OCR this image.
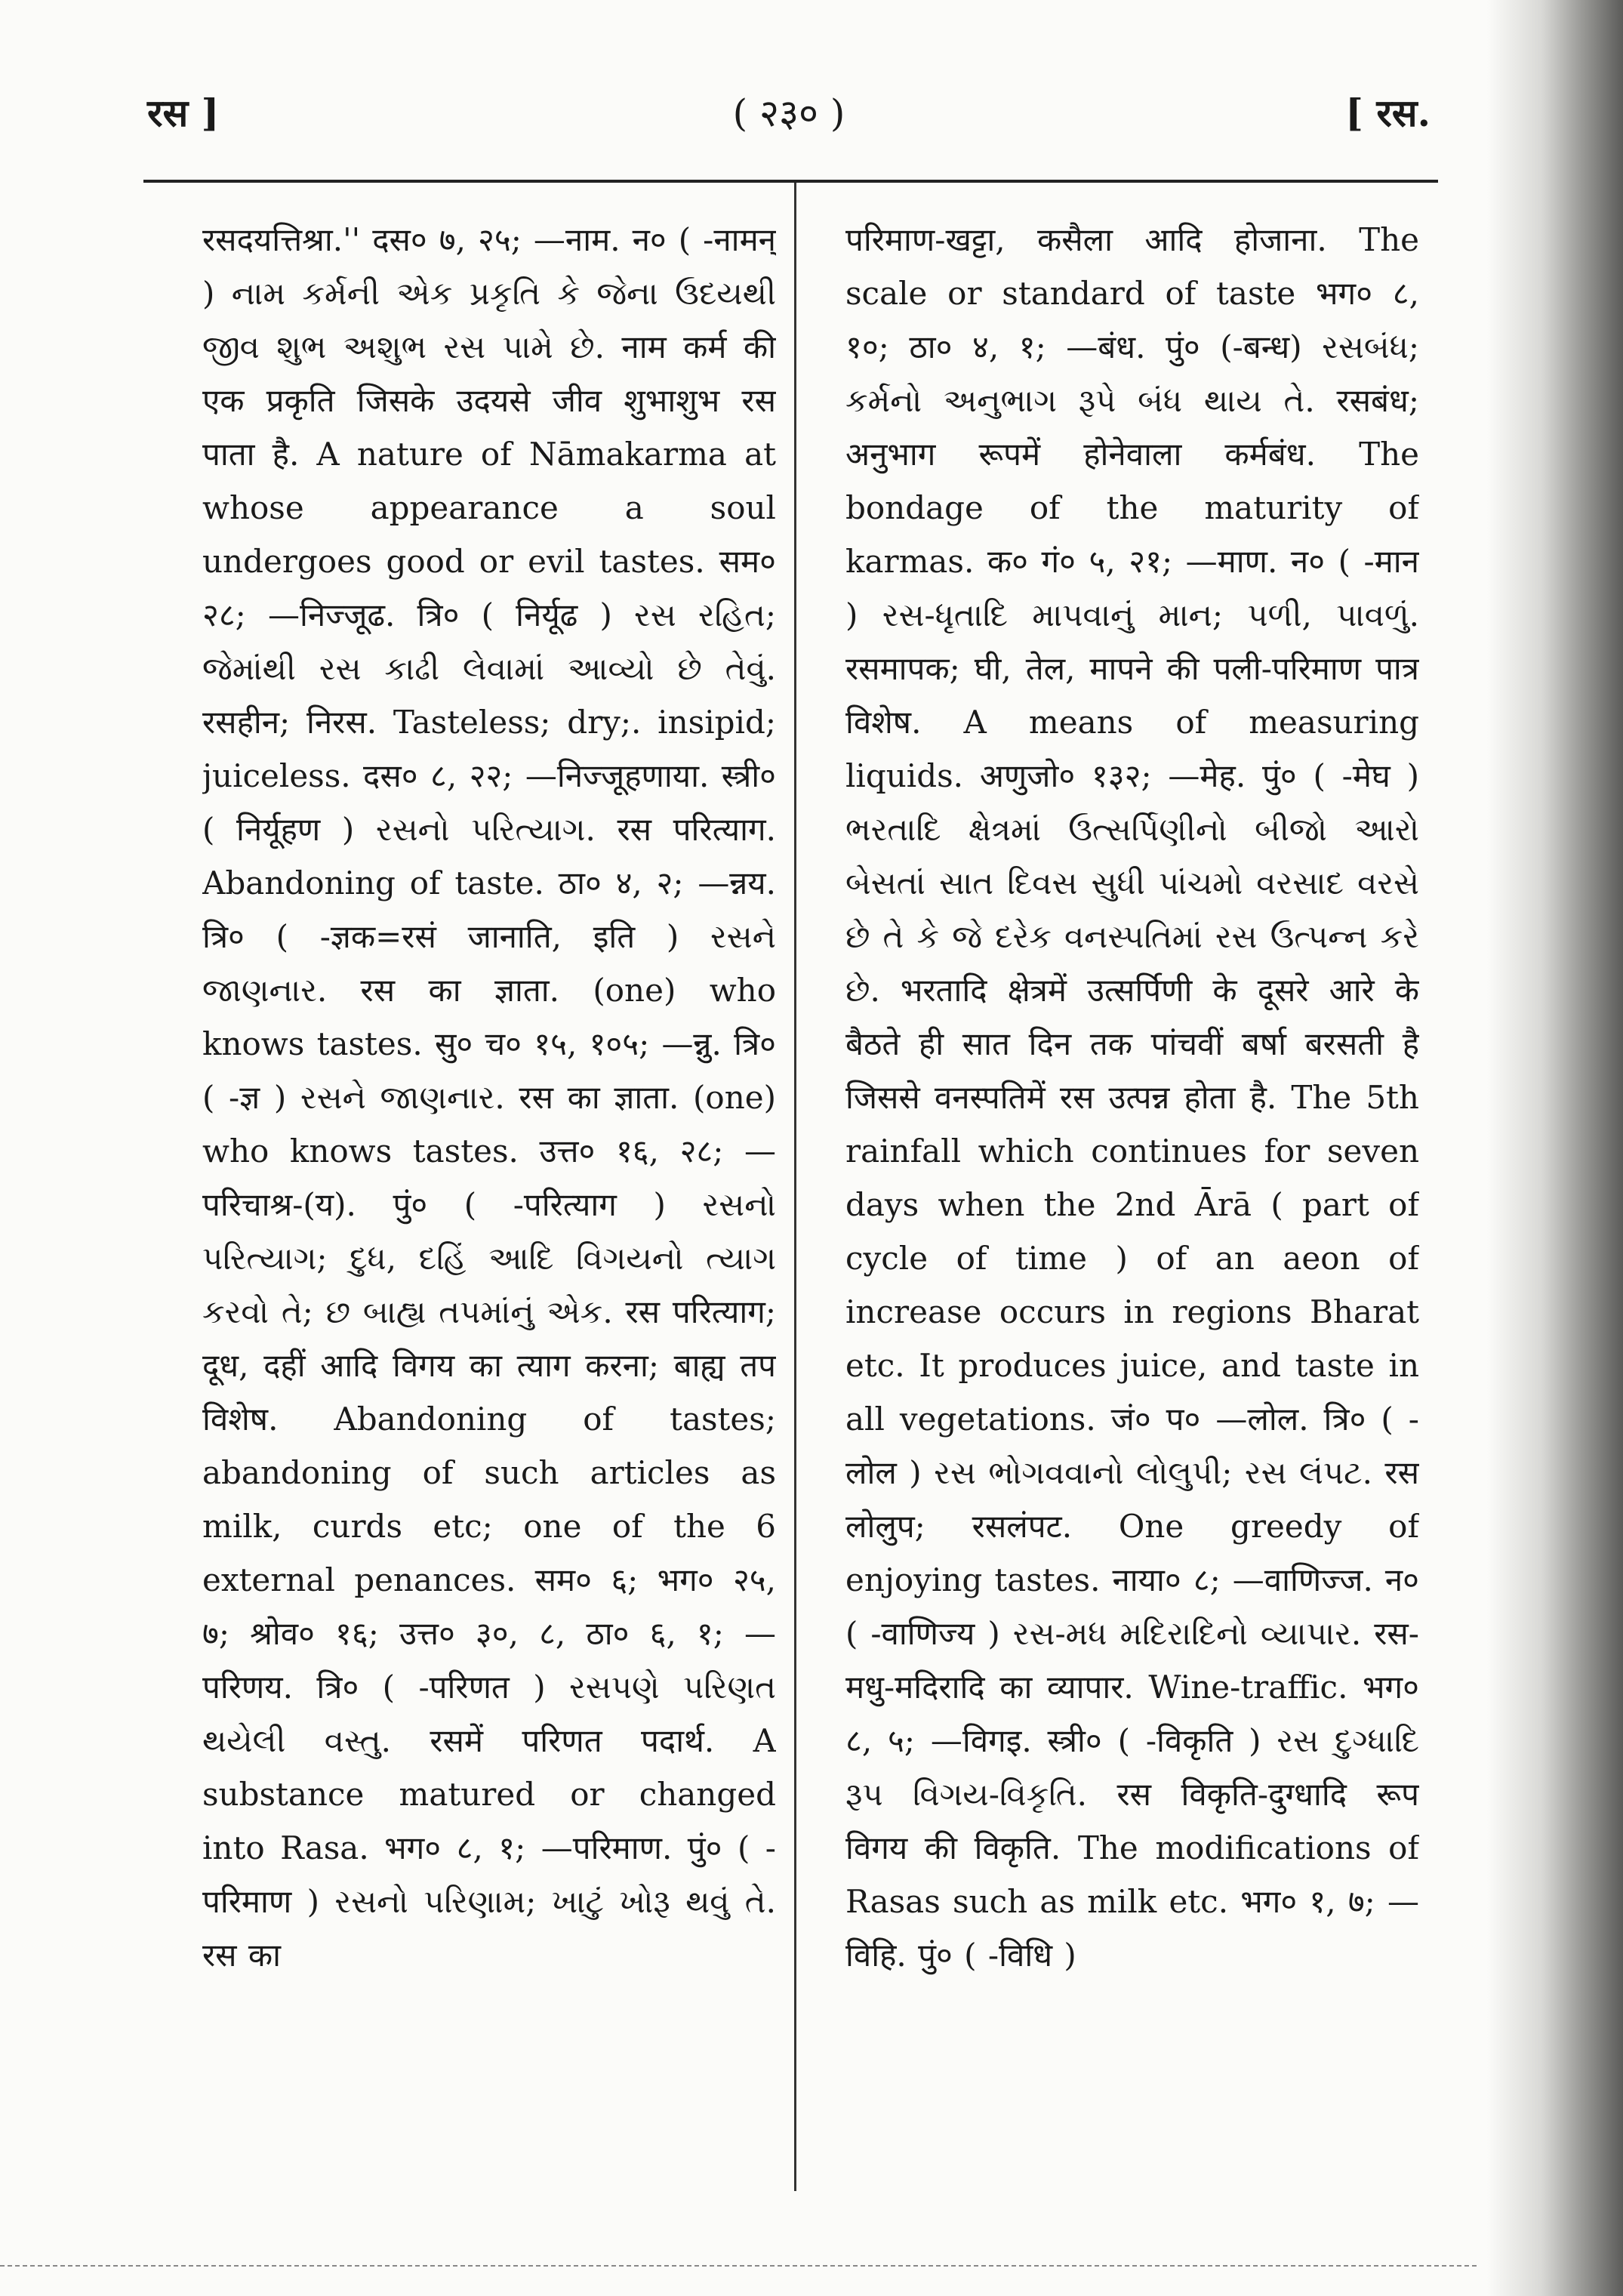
रस ]	( २३० )	[ रस.

रसदयत्तिश्रा.'' दस० ७, २५; —नाम. न० ( -नामन् ) નામ કર્મની એક પ્રકૃતિ કે જેના ઉદયથી જીવ શુભ અશુભ રસ પામે છે. नाम कर्म की एक प्रकृति जिसके उदयसे जीव शुभाशुभ रस पाता है. A nature of Nāmakarma at whose appearance a soul undergoes good or evil tastes. सम० २८; —निज्जूढ. त्रि० ( निर्यूढ ) રસ રહિત; જેમાંથી રસ કાઢી લેવામાં આવ્યો છે તેવું. रसहीन; निरस. Tasteless; dry;. insipid; juiceless. दस० ८, २२; —निज्जूहणाया. स्त्री० ( निर्यूहण ) રસનો પરિત્યાગ. रस परित्याग. Abandoning of taste. ठा० ४, २; —न्नय. त्रि० ( -ज्ञक=रसं जानाति, इति ) રસને જાણનાર. रस का ज्ञाता. (one) who knows tastes. सु० च० १५, १०५; —न्नु. त्रि० ( -ज्ञ ) રસને જાણનાર. रस का ज्ञाता. (one) who knows tastes. उत्त० १६, २८; —परिचाश्र-(य). पुं० ( -परित्याग ) રસનો પરિત્યાગ; દુધ, દહિં આદિ વિગયનો ત્યાગ કરવો તે; છ બાહ્ય તપમાંનું એક. रस परित्याग; दूध, दहीं आदि विगय का त्याग करना; बाह्य तप विशेष. Abandoning of tastes; abandoning of such articles as milk, curds etc; one of the 6 external penances. सम० ६; भग० २५, ७; श्रोव० १६; उत्त० ३०, ८, ठा० ६, १; —परिणय. त्रि० ( -परिणत ) રસપણે પરિણત થયેલી વસ્તુ. रसमें परिणत पदार्थ. A substance matured or changed into Rasa. भग० ८, १; —परिमाण. पुं० ( -परिमाण ) રસનો પરિણામ; ખાટું ખોરૂ થવું તે. रस का

परिमाण-खट्टा, कसैला आदि होजाना. The scale or standard of taste भग० ८, १०; ठा० ४, १; —बंध. पुं० (-बन्ध) રસબંધ; કર્મનો અનુભાગ રૂપે બંધ થાય તે. रसबंध; अनुभाग रूपमें होनेवाला कर्मबंध. The bondage of the maturity of karmas. क० गं० ५, २१; —माण. न० ( -मान ) રસ-ધૃતાદિ માપવાનું માન; પળી, પાવળું. रसमापक; घी, तेल, मापने की पली-परिमाण पात्र विशेष. A means of measuring liquids. अणुजो० १३२; —मेह. पुं० ( -मेघ ) ભરતાદિ ક્ષેત્રમાં ઉત્સર્પિણીનો બીજો આરો બેસતાં સાત દિવસ સુધી પાંચમો વરસાદ વરસે છે તે કે જે દરેક વનસ્પતિમાં રસ ઉત્પન્ન કરે છે. भरतादि क्षेत्रमें उत्सर्पिणी के दूसरे आरे के बैठते ही सात दिन तक पांचवीं बर्षा बरसती है जिससे वनस्पतिमें रस उत्पन्न होता है. The 5th rainfall which continues for seven days when the 2nd Ārā ( part of cycle of time ) of an aeon of increase occurs in regions Bharat etc. It produces juice, and taste in all vegetations. जं० प० —लोल. त्रि० ( -लोल ) રસ ભોગવવાનો લોલુપી; રસ લંપટ. रस लोलुप; रसलंपट. One greedy of enjoying tastes. नाया० ८; —वाणिज्ज. न० ( -वाणिज्य ) રસ-મધ મદિરાદિનો વ્યાપાર. रस-मधु-मदिरादि का व्यापार. Wine-traffic. भग० ८, ५; —विगइ. स्त्री० ( -विकृति ) રસ દુગ્ધાદિ રૂપ વિગય-વિકૃતિ. रस विकृति-दुग्धादि रूप विगय की विकृति. The modifications of Rasas such as milk etc. भग० १, ७; —विहि. पुं० ( -विधि )
